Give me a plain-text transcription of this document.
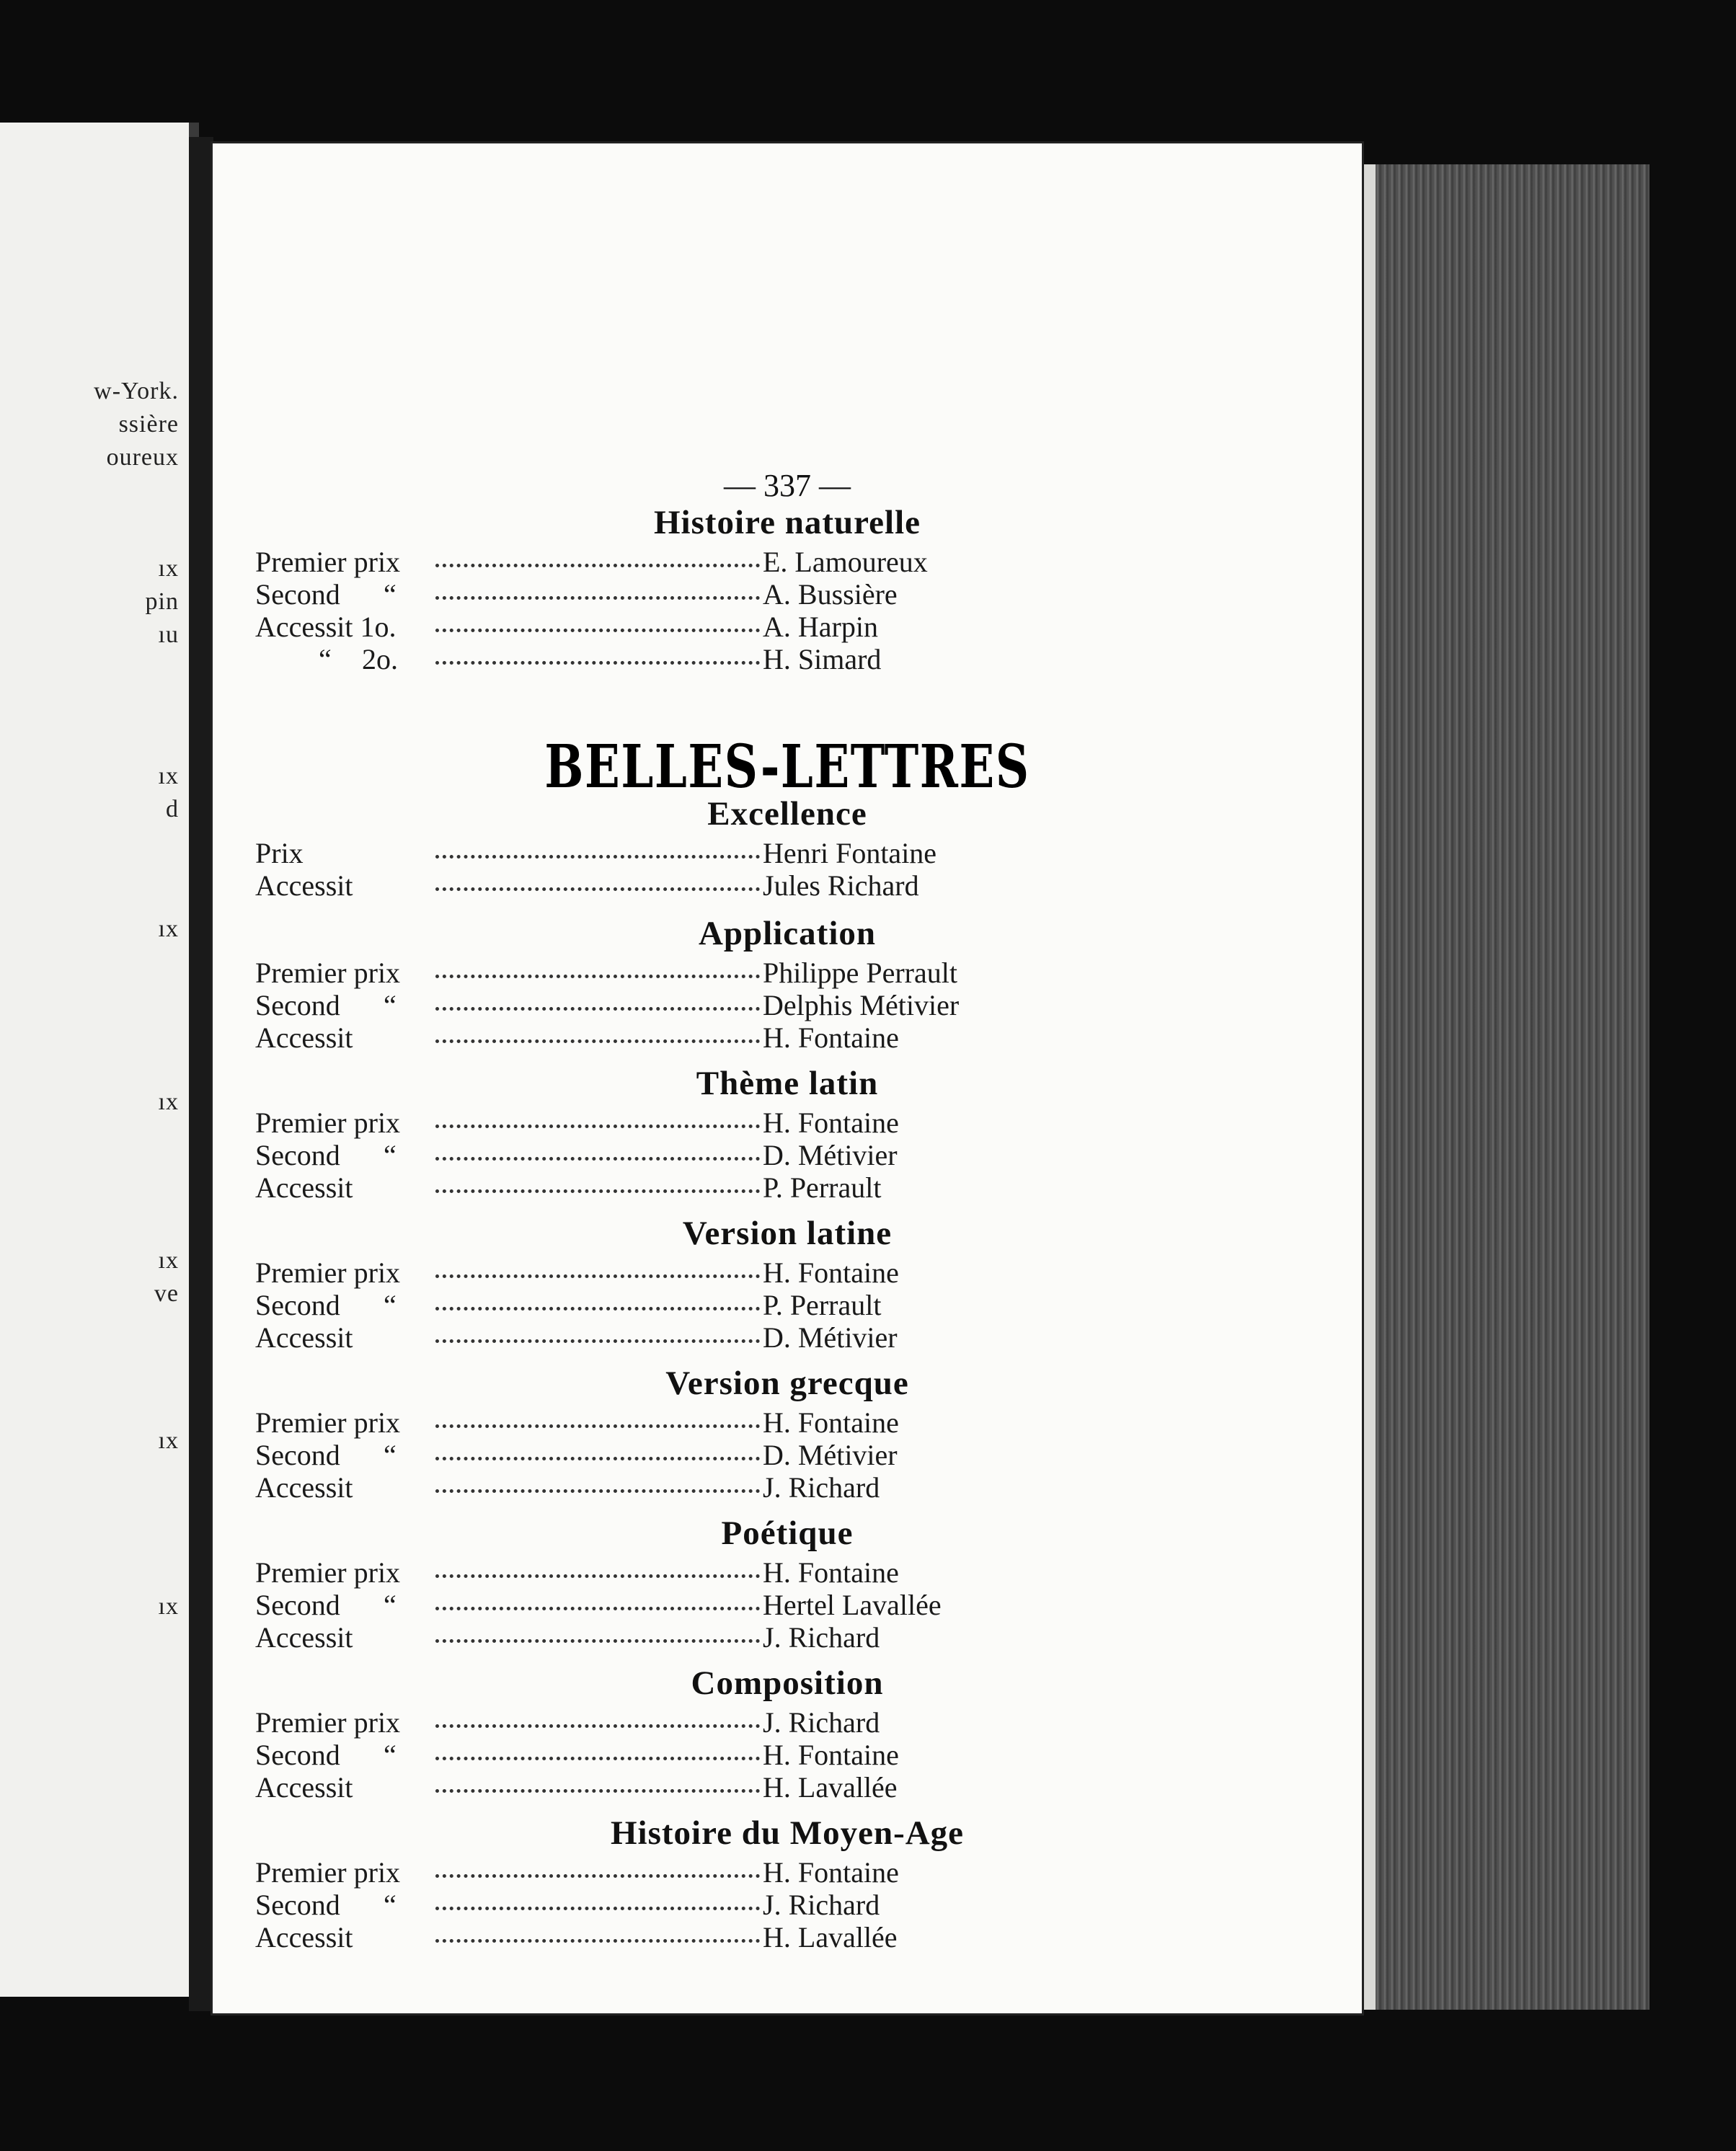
w-York.
ssière
oureux
ıx
pin
ıu
ıx
d
ıx
ıx
ıx
ve
ıx
ıx
— 337 —
Histoire naturelle
Premier prix	E. Lamoureux
Second “	A. Bussière
Accessit 1o.	A. Harpin
“ 2o.	H. Simard
BELLES-LETTRES
Excellence
Prix	Henri Fontaine
Accessit	Jules Richard
Application
Premier prix	Philippe Perrault
Second “	Delphis Métivier
Accessit	H. Fontaine
Thème latin
Premier prix	H. Fontaine
Second “	D. Métivier
Accessit	P. Perrault
Version latine
Premier prix	H. Fontaine
Second “	P. Perrault
Accessit	D. Métivier
Version grecque
Premier prix	H. Fontaine
Second “	D. Métivier
Accessit	J. Richard
Poétique
Premier prix	H. Fontaine
Second “	Hertel Lavallée
Accessit	J. Richard
Composition
Premier prix	J. Richard
Second “	H. Fontaine
Accessit	H. Lavallée
Histoire du Moyen-Age
Premier prix	H. Fontaine
Second “	J. Richard
Accessit	H. Lavallée
